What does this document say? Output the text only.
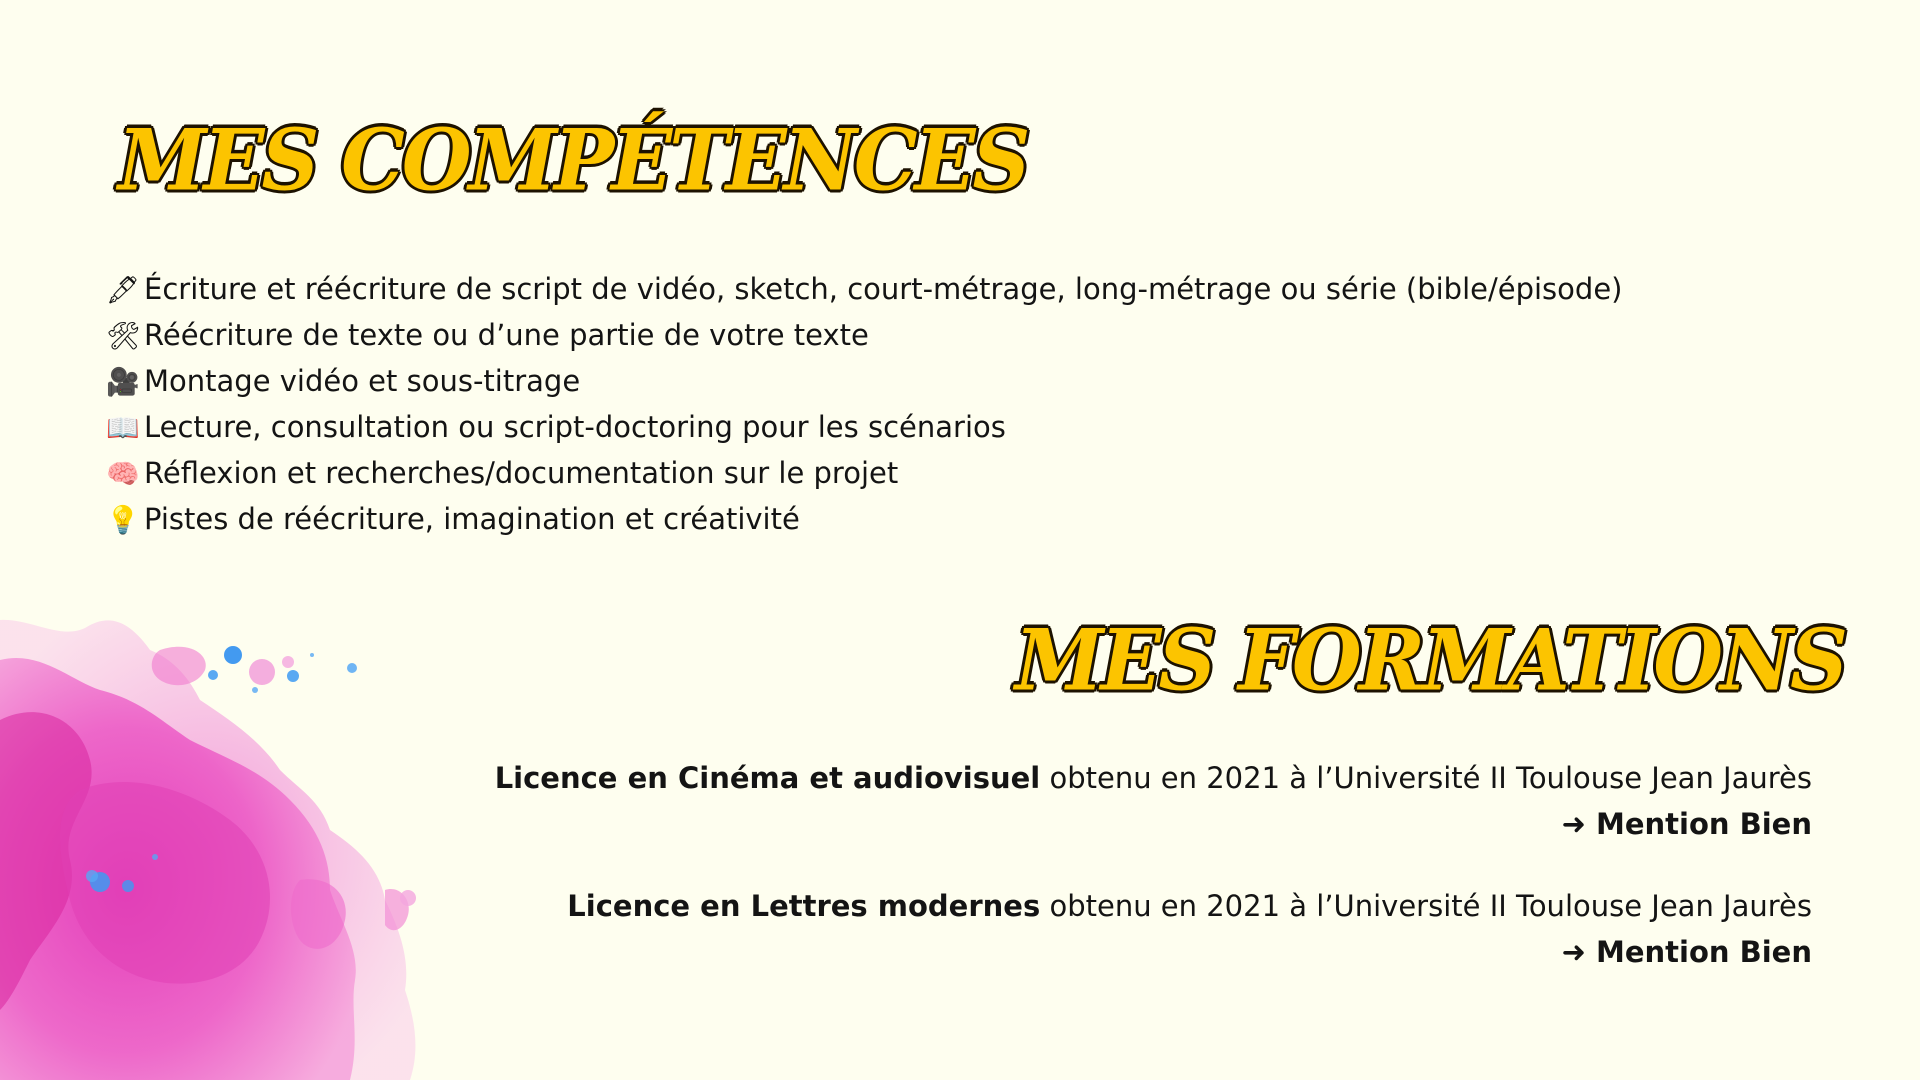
MES COMPÉTENCES
🖋 Écriture et réécriture de script de vidéo, sketch, court-métrage, long-métrage ou série (bible/épisode)
🛠 Réécriture de texte ou d’une partie de votre texte
🎥 Montage vidéo et sous-titrage
📖 Lecture, consultation ou script-doctoring pour les scénarios
🧠 Réflexion et recherches/documentation sur le projet
💡 Pistes de réécriture, imagination et créativité
MES FORMATIONS
Licence en Cinéma et audiovisuel obtenu en 2021 à l’Université II Toulouse Jean Jaurès
➜ Mention Bien
Licence en Lettres modernes obtenu en 2021 à l’Université II Toulouse Jean Jaurès
➜ Mention Bien
